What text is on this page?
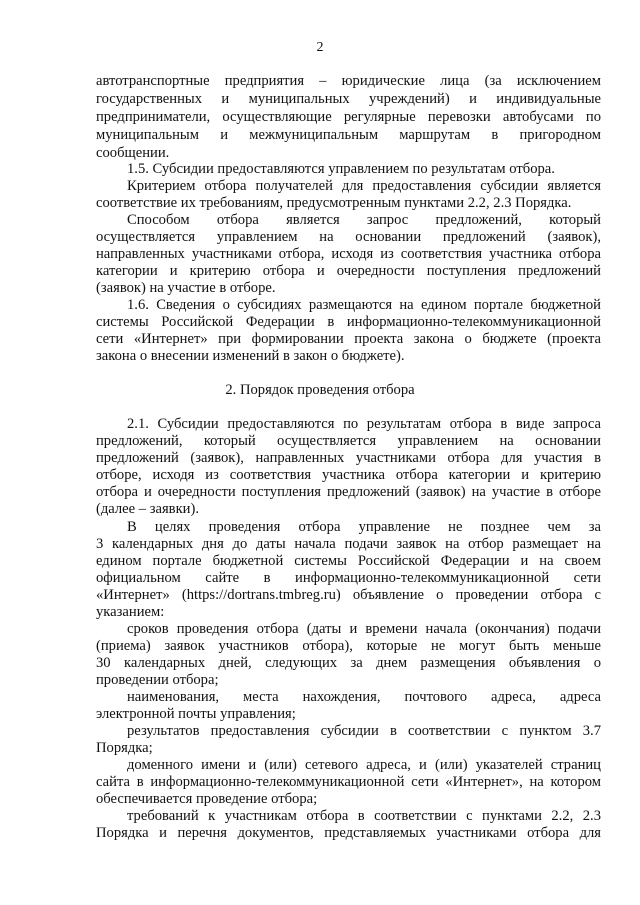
2
автотранспортные предприятия – юридические лица (за исключением
государственных и муниципальных учреждений) и индивидуальные
предприниматели, осуществляющие регулярные перевозки автобусами по
муниципальным и межмуниципальным маршрутам в пригородном
сообщении.
1.5. Субсидии предоставляются управлением по результатам отбора.
Критерием отбора получателей для предоставления субсидии является
соответствие их требованиям, предусмотренным пунктами 2.2, 2.3 Порядка.
Способом отбора является запрос предложений, который
осуществляется управлением на основании предложений (заявок),
направленных участниками отбора, исходя из соответствия участника отбора
категории и критерию отбора и очередности поступления предложений
(заявок) на участие в отборе.
1.6. Сведения о субсидиях размещаются на едином портале бюджетной
системы Российской Федерации в информационно-телекоммуникационной
сети «Интернет» при формировании проекта закона о бюджете (проекта
закона о внесении изменений в закон о бюджете).
2. Порядок проведения отбора
2.1. Субсидии предоставляются по результатам отбора в виде запроса
предложений, который осуществляется управлением на основании
предложений (заявок), направленных участниками отбора для участия в
отборе, исходя из соответствия участника отбора категории и критерию
отбора и очередности поступления предложений (заявок) на участие в отборе
(далее – заявки).
В целях проведения отбора управление не позднее чем за
3 календарных дня до даты начала подачи заявок на отбор размещает на
едином портале бюджетной системы Российской Федерации и на своем
официальном сайте в информационно-телекоммуникационной сети
«Интернет» (https://dortrans.tmbreg.ru) объявление о проведении отбора с
указанием:
сроков проведения отбора (даты и времени начала (окончания) подачи
(приема) заявок участников отбора), которые не могут быть меньше
30 календарных дней, следующих за днем размещения объявления о
проведении отбора;
наименования, места нахождения, почтового адреса, адреса
электронной почты управления;
результатов предоставления субсидии в соответствии с пунктом 3.7
Порядка;
доменного имени и (или) сетевого адреса, и (или) указателей страниц
сайта в информационно-телекоммуникационной сети «Интернет», на котором
обеспечивается проведение отбора;
требований к участникам отбора в соответствии с пунктами 2.2, 2.3
Порядка и перечня документов, представляемых участниками отбора для
